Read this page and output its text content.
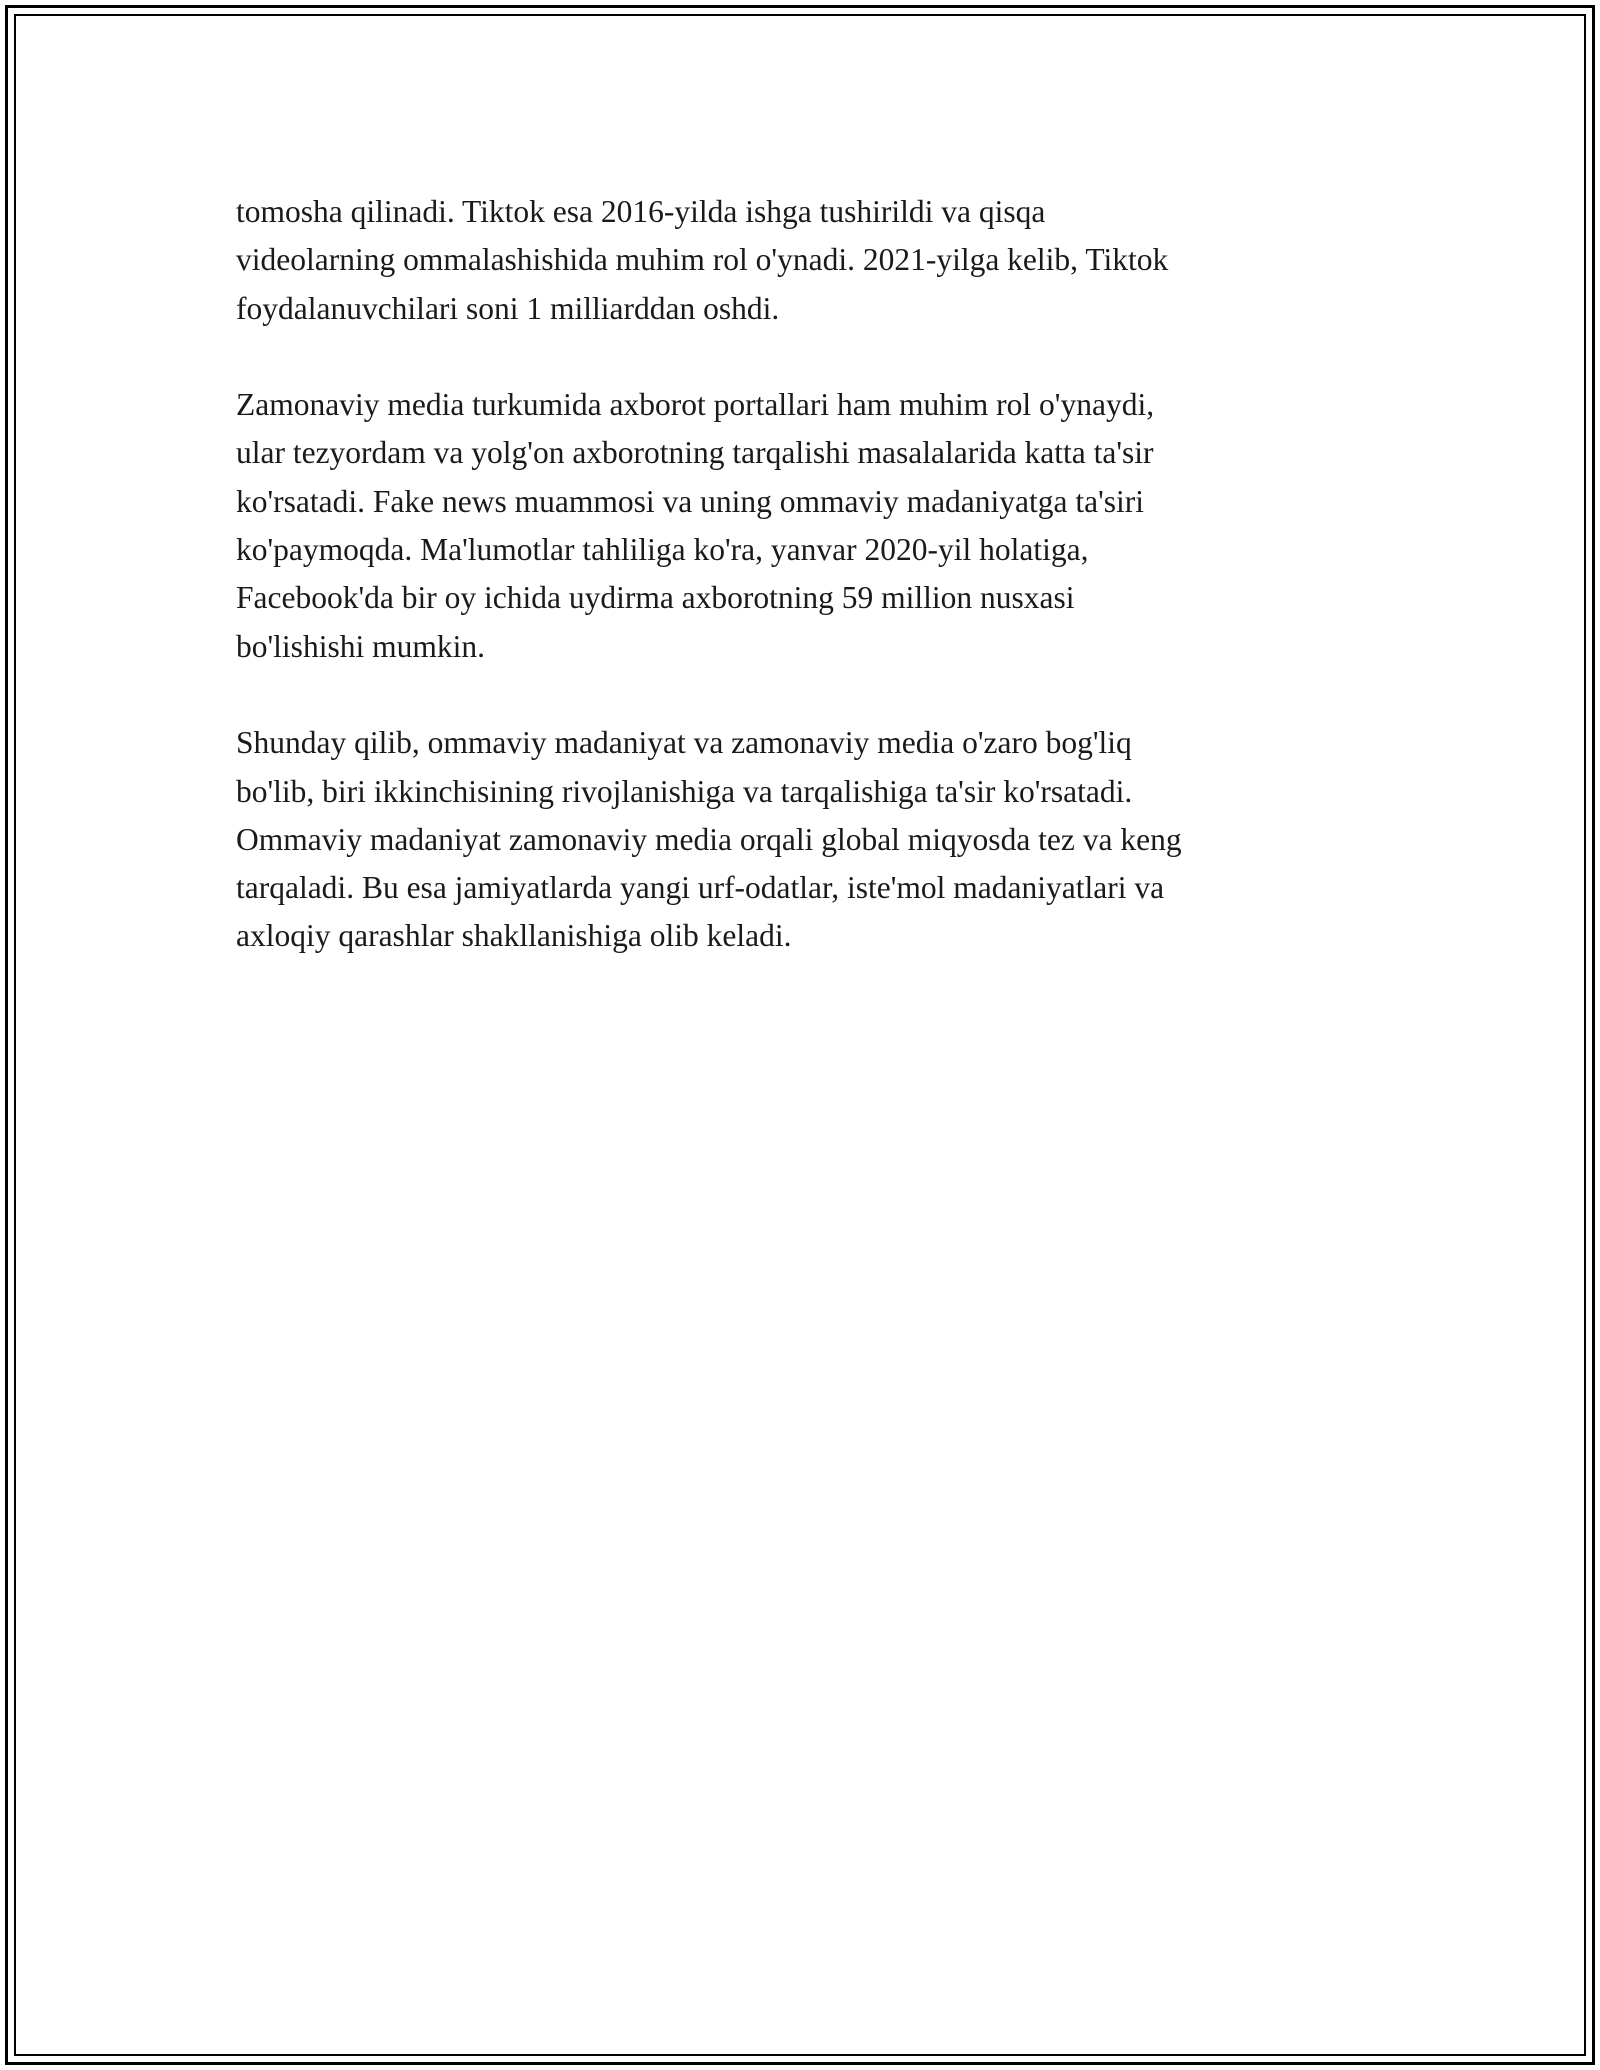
tomosha qilinadi. Tiktok esa 2016-yilda ishga tushirildi va qisqa
videolarning ommalashishida muhim rol o'ynadi. 2021-yilga kelib, Tiktok
foydalanuvchilari soni 1 milliarddan oshdi.

Zamonaviy media turkumida axborot portallari ham muhim rol o'ynaydi,
ular tezyordam va yolg'on axborotning tarqalishi masalalarida katta ta'sir
ko'rsatadi. Fake news muammosi va uning ommaviy madaniyatga ta'siri
ko'paymoqda. Ma'lumotlar tahliliga ko'ra, yanvar 2020-yil holatiga,
Facebook'da bir oy ichida uydirma axborotning 59 million nusxasi
bo'lishishi mumkin.

Shunday qilib, ommaviy madaniyat va zamonaviy media o'zaro bog'liq
bo'lib, biri ikkinchisining rivojlanishiga va tarqalishiga ta'sir ko'rsatadi.
Ommaviy madaniyat zamonaviy media orqali global miqyosda tez va keng
tarqaladi. Bu esa jamiyatlarda yangi urf-odatlar, iste'mol madaniyatlari va
axloqiy qarashlar shakllanishiga olib keladi.
